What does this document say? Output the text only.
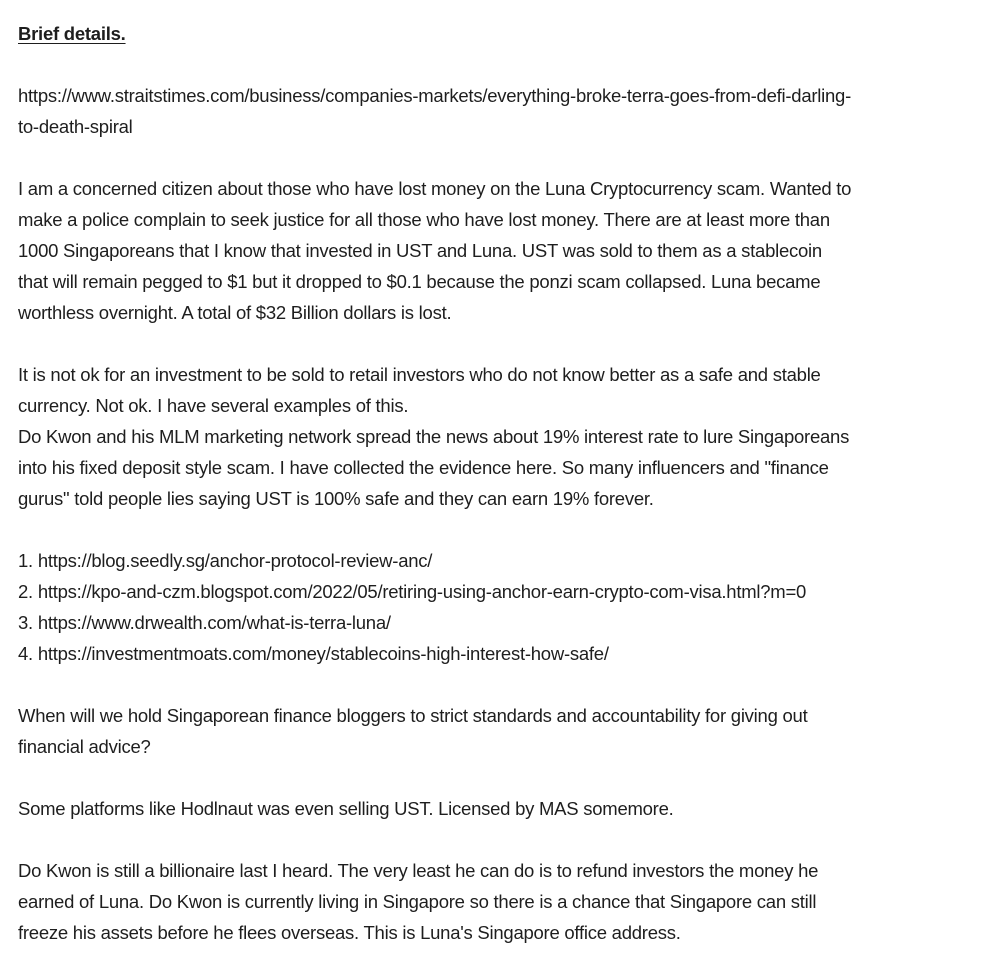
Brief details.

https://www.straitstimes.com/business/companies-markets/everything-broke-terra-goes-from-defi-darling-
to-death-spiral

I am a concerned citizen about those who have lost money on the Luna Cryptocurrency scam. Wanted to
make a police complain to seek justice for all those who have lost money. There are at least more than
1000 Singaporeans that I know that invested in UST and Luna. UST was sold to them as a stablecoin
that will remain pegged to $1 but it dropped to $0.1 because the ponzi scam collapsed. Luna became
worthless overnight. A total of $32 Billion dollars is lost.

It is not ok for an investment to be sold to retail investors who do not know better as a safe and stable
currency. Not ok. I have several examples of this.

Do Kwon and his MLM marketing network spread the news about 19% interest rate to lure Singaporeans
into his fixed deposit style scam. I have collected the evidence here. So many influencers and "finance
gurus" told people lies saying UST is 100% safe and they can earn 19% forever.

1. https://blog.seedly.sg/anchor-protocol-review-anc/
2. https://kpo-and-czm.blogspot.com/2022/05/retiring-using-anchor-earn-crypto-com-visa.html?m=0
3. https://www.drwealth.com/what-is-terra-luna/
4. https://investmentmoats.com/money/stablecoins-high-interest-how-safe/

When will we hold Singaporean finance bloggers to strict standards and accountability for giving out
financial advice?

Some platforms like Hodlnaut was even selling UST. Licensed by MAS somemore.

Do Kwon is still a billionaire last I heard. The very least he can do is to refund investors the money he
earned of Luna. Do Kwon is currently living in Singapore so there is a chance that Singapore can still
freeze his assets before he flees overseas. This is Luna's Singapore office address.
